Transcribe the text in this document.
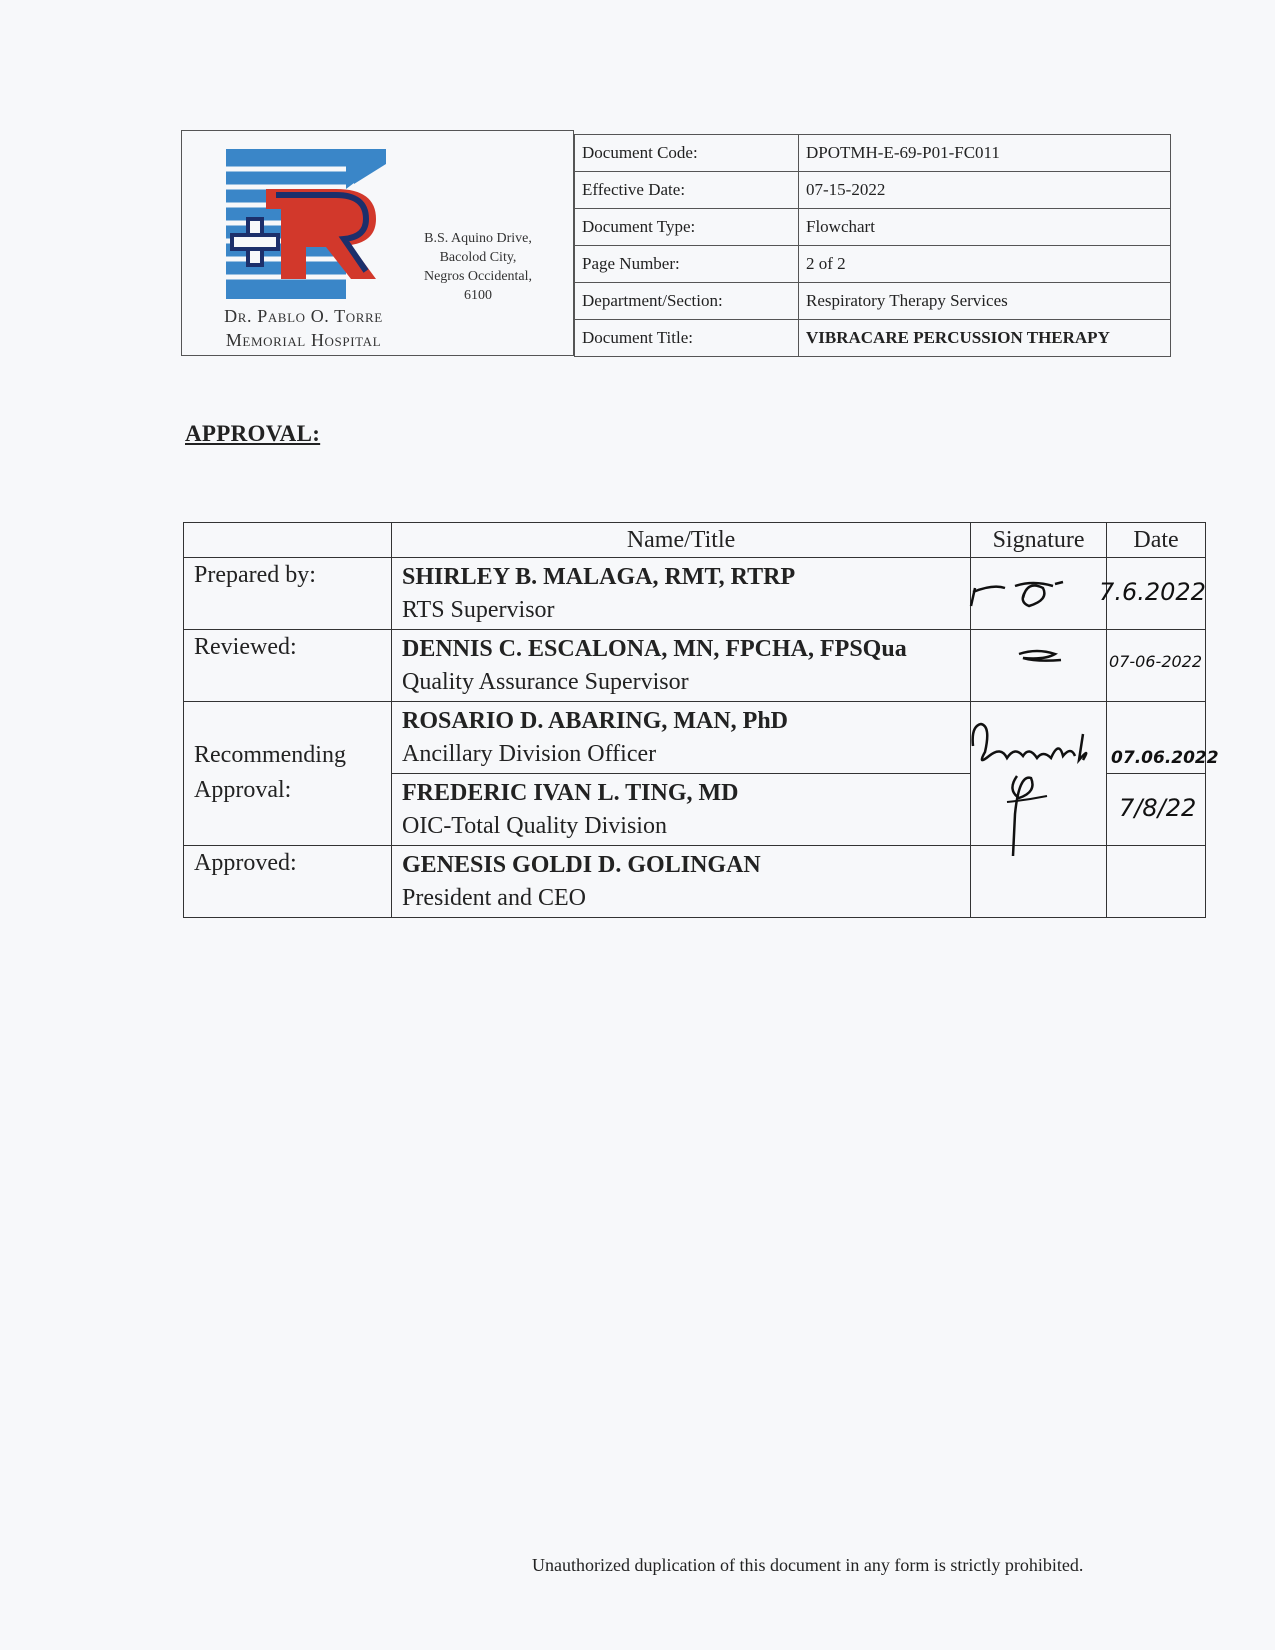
Dr. Pablo O. Torre
Memorial Hospital
B.S. Aquino Drive,
Bacolod City,
Negros Occidental,
6100
Document Code:	DPOTMH-E-69-P01-FC011
Effective Date:	07-15-2022
Document Type:	Flowchart
Page Number:	2 of 2
Department/Section:	Respiratory Therapy Services
Document Title:	VIBRACARE PERCUSSION THERAPY
APPROVAL:
	Name/Title	Signature	Date
Prepared by:	SHIRLEY B. MALAGA, RMT, RTRP
RTS Supervisor		7.6.2022

Reviewed:	DENNIS C. ESCALONA, MN, FPCHA, FPSQua
Quality Assurance Supervisor		07-06-2022

Recommending Approval:	ROSARIO D. ABARING, MAN, PhD
Ancillary Division Officer		07.06.2022

	FREDERIC IVAN L. TING, MD
OIC-Total Quality Division		7/8/22

Approved:	GENESIS GOLDI D. GOLINGAN
President and CEO		

Unauthorized duplication of this document in any form is strictly prohibited.
